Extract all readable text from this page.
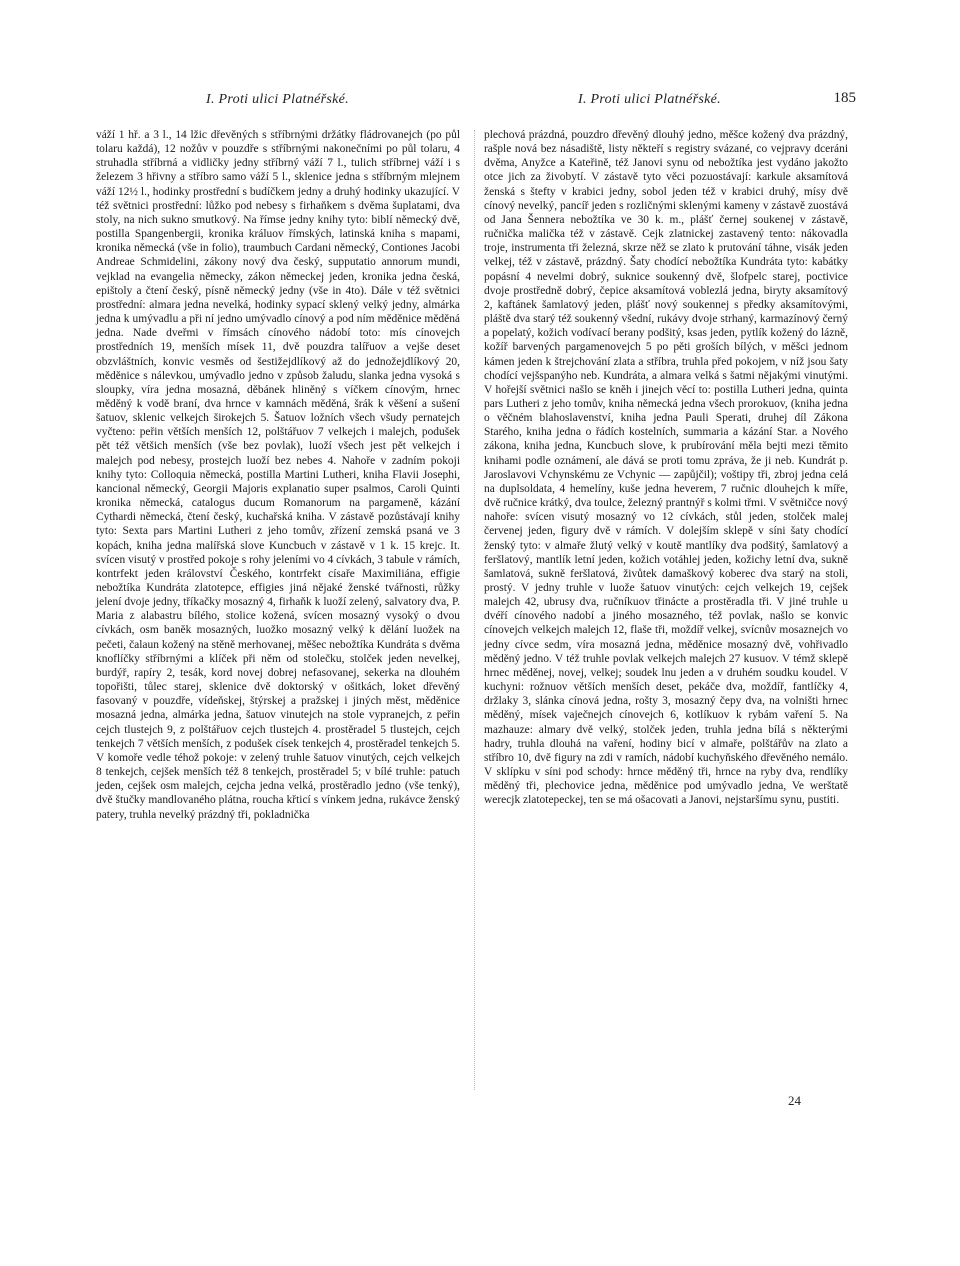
I. Proti ulici Platnéřské.	I. Proti ulici Platnéřské.	185

váží 1 hř. a 3 l., 14 lžic dřevěných s stříbrnými držátky fládrovanejch (po půl tolaru každá), 12 nožův v pouzdře s stříbrnými nakonečními po půl tolaru, 4 struhadla stříbrná a vidličky jedny stříbrný váží 7 l., tulich stříbrnej váží i s železem 3 hřivny a stříbro samo váží 5 l., sklenice jedna s stříbrným mlejnem váží 12½ l., hodinky prostřední s budíčkem jedny a druhý hodinky ukazující. V též světnici prostřední: lůžko pod nebesy s firhaňkem s dvěma šuplatami, dva stoly, na nich sukno smutkový. Na římse jedny knihy tyto: biblí německý dvě, postilla Spangenbergii, kronika králuov římských, latinská kniha s mapami, kronika německá (vše in folio), traumbuch Cardani německý, Contiones Jacobi Andreae Schmidelini, zákony nový dva český, supputatio annorum mundi, vejklad na evangelia německy, zákon německej jeden, kronika jedna česká, epištoly a čtení český, písně německý jedny (vše in 4to). Dále v též světnici prostřední: almara jedna nevelká, hodinky sypací sklený velký jedny, almárka jedna k umývadlu a při ní jedno umývadlo cínový a pod ním měděnice měděná jedna. Nade dveřmi v římsách cínového nádobí toto: mís cínovejch prostředních 19, menších mísek 11, dvě pouzdra talířuov a vejše deset obzvláštních, konvic vesměs od šestižejdlíkový až do jednožejdlíkový 20, měděnice s nálevkou, umývadlo jedno v způsob žaludu, slanka jedna vysoká s sloupky, víra jedna mosazná, děbánek hliněný s víčkem cínovým, hrnec měděný k vodě braní, dva hrnce v kamnách měděná, šrák k věšení a sušení šatuov, sklenic velkejch širokejch 5. Šatuov ložních všech všudy pernatejch vyčteno: peřin větších menších 12, polštářuov 7 velkejch i malejch, podušek pět též většich menších (vše bez povlak), luoží všech jest pět velkejch i malejch pod nebesy, prostejch luoží bez nebes 4. Nahoře v zadním pokoji knihy tyto: Colloquia německá, postilla Martini Lutheri, kniha Flavii Josephi, kancional německý, Georgii Majoris explanatio super psalmos, Caroli Quinti kronika německá, catalogus ducum Romanorum na pargameně, kázání Cythardi německá, čtení český, kuchařská kniha. V zástavě pozůstávají knihy tyto: Sexta pars Martini Lutheri z jeho tomův, zřízení zemská psaná ve 3 kopách, kniha jedna malířská slove Kuncbuch v zástavě v 1 k. 15 krejc. It. svícen visutý v prostřed pokoje s rohy jeleními vo 4 cívkách, 3 tabule v rámích, kontrfekt jeden království Českého, kontrfekt císaře Maximiliána, effigie nebožtíka Kundráta zlatotepce, effigies jiná nějaké ženské tvářnosti, růžky jelení dvoje jedny, tříkačky mosazný 4, firhaňk k luoží zelený, salvatory dva, P. Maria z alabastru bílého, stolice kožená, svícen mosazný vysoký o dvou cívkách, osm banĕk mosazných, luožko mosazný velký k dělání luožek na pečeti, čalaun kožený na stěně merhovanej, měšec nebožtíka Kundráta s dvěma knoflíčky stříbrnými a klíček při něm od stolečku, stolček jeden nevelkej, burdýř, rapíry 2, tesák, kord novej dobrej nefasovanej, sekerka na dlouhém topořišti, tůlec starej, sklenice dvě doktorský v ošitkách, loket dřevěný fasovaný v pouzdře, vídeňskej, štýrskej a pražskej i jiných měst, měděnice mosazná jedna, almárka jedna, šatuov vinutejch na stole vypranejch, z peřin cejch tlustejch 9, z polštářuov cejch tlustejch 4. prostěradel 5 tlustejch, cejch tenkejch 7 větších menších, z podušek císek tenkejch 4, prostěradel tenkejch 5. V komoře vedle téhož pokoje: v zelený truhle šatuov vinutých, cejch velkejch 8 tenkejch, cejšek menších též 8 tenkejch, prostěradel 5; v bílé truhle: patuch jeden, cejšek osm malejch, cejcha jedna velká, prostěradlo jedno (vše tenký), dvě štučky mandlovaného plátna, roucha křticí s vínkem jedna, rukávce ženský patery, truhla nevelký prázdný tři, pokladnička

plechová prázdná, pouzdro dřevěný dlouhý jedno, měšce kožený dva prázdný, rašple nová bez násadiště, listy někteří s registry svázané, co vejpravy dceráni dvěma, Anyžce a Kateřině, též Janovi synu od nebožtíka jest vydáno jakožto otce jich za živobytí. V zástavě tyto věci pozuostávají: karkule aksamítová ženská s štefty v krabici jedny, sobol jeden též v krabici druhý, mísy dvě cínový nevelký, pancíř jeden s rozličnými sklenými kameny v zástavě zuostává od Jana Šennera nebožtíka ve 30 k. m., plášť černej soukenej v zástavě, ručnička malička též v zástavě. Cejk zlatnickej zastavený tento: nákovadla troje, instrumenta tři železná, skrze něž se zlato k prutování táhne, visák jeden velkej, též v zástavě, prázdný. Šaty chodící nebožtíka Kundráta tyto: kabátky popásní 4 nevelmi dobrý, suknice soukenný dvě, šlofpelc starej, poctivice dvoje prostředně dobrý, čepice aksamítová voblezlá jedna, biryty aksamítový 2, kaftánek šamlatový jeden, plášť nový soukennej s předky aksamítovými, pláště dva starý též soukenný všední, rukávy dvoje strhaný, karmazínový černý a popelatý, kožich vodívací berany podšitý, ksas jeden, pytlík kožený do lázně, kožíř barvených pargamenovejch 5 po pěti groších bílých, v měšci jednom kámen jeden k štrejchování zlata a stříbra, truhla před pokojem, v níž jsou šaty chodící vejšspanýho neb. Kundráta, a almara velká s šatmi nějakými vinutými. V hořejší světnici našlo se knĕh i jinejch věcí to: postilla Lutheri jedna, quinta pars Lutheri z jeho tomův, kniha německá jedna všech prorokuov, (kniha jedna o věčném blahoslavenství, kniha jedna Pauli Sperati, druhej díl Zákona Starého, kniha jedna o řádích kostelních, summaria a kázání Star. a Nového zákona, kniha jedna, Kuncbuch slove, k prubírování měla bejti mezi těmito knihami podle oznámení, ale dává se proti tomu zpráva, že ji neb. Kundrát p. Jaroslavovi Vchynskému ze Vchynic — zapůjčil); voštipy tři, zbroj jedna celá na duplsoldata, 4 hemelíny, kuše jedna heverem, 7 ručnic dlouhejch k míře, dvě ručnice krátký, dva toulce, železný prantnýř s kolmi třmi. V světničce nový nahoře: svícen visutý mosazný vo 12 cívkách, stůl jeden, stolček malej červenej jeden, figury dvě v rámích. V dolejším sklepě v síni šaty chodící ženský tyto: v almaře žlutý velký v koutě mantlíky dva podšitý, šamlatový a feršlatový, mantlík letní jeden, kožich votáhlej jeden, kožichy letní dva, sukně šamlatová, sukně feršlatová, živůtek damaškový koberec dva starý na stoli, prostý. V jedny truhle v luože šatuov vinutých: cejch velkejch 19, cejšek malejch 42, ubrusy dva, ručníkuov třináctе a prostěradla tři. V jiné truhle u dvéří cínového nadobí a jiného mosazného, též povlak, našlo se konvic cínovejch velkejch malejch 12, flaše tři, moždíř velkej, svícnův mosaznejch vo jedny cívce sedm, víra mosazná jedna, měděnice mosazný dvě, vohřivadlo měděný jedno. V též truhle povlak velkejch malejch 27 kusuov. V témž sklepě hrnec měděnej, novej, velkej; soudek lnu jeden a v druhém soudku koudel. V kuchyni: rožnuov větších menších deset, pekáče dva, moždíř, fantlíčky 4, držlaky 3, slánka cínová jedna, rošty 3, mosazný čepy dva, na volništi hrnec měděný, mísek vaječnejch cínovejch 6, kotlíkuov k rybám vaření 5. Na mazhauze: almary dvě velký, stolček jeden, truhla jedna bílá s některými hadry, truhla dlouhá na vaření, hodiny bicí v almaře, polštářův na zlato a stříbro 10, dvě figury na zdi v ramích, nádobí kuchyňského dřevěného nemálo. V sklípku v síni pod schody: hrnce měděný tři, hrnce na ryby dva, rendlíky měděný tři, plechovice jedna, měděnice pod umývadlo jedna, Ve werštatě werecjk zlatotepeckej, ten se má ošacovati a Janovi, nejstaršímu synu, pustiti.

24
